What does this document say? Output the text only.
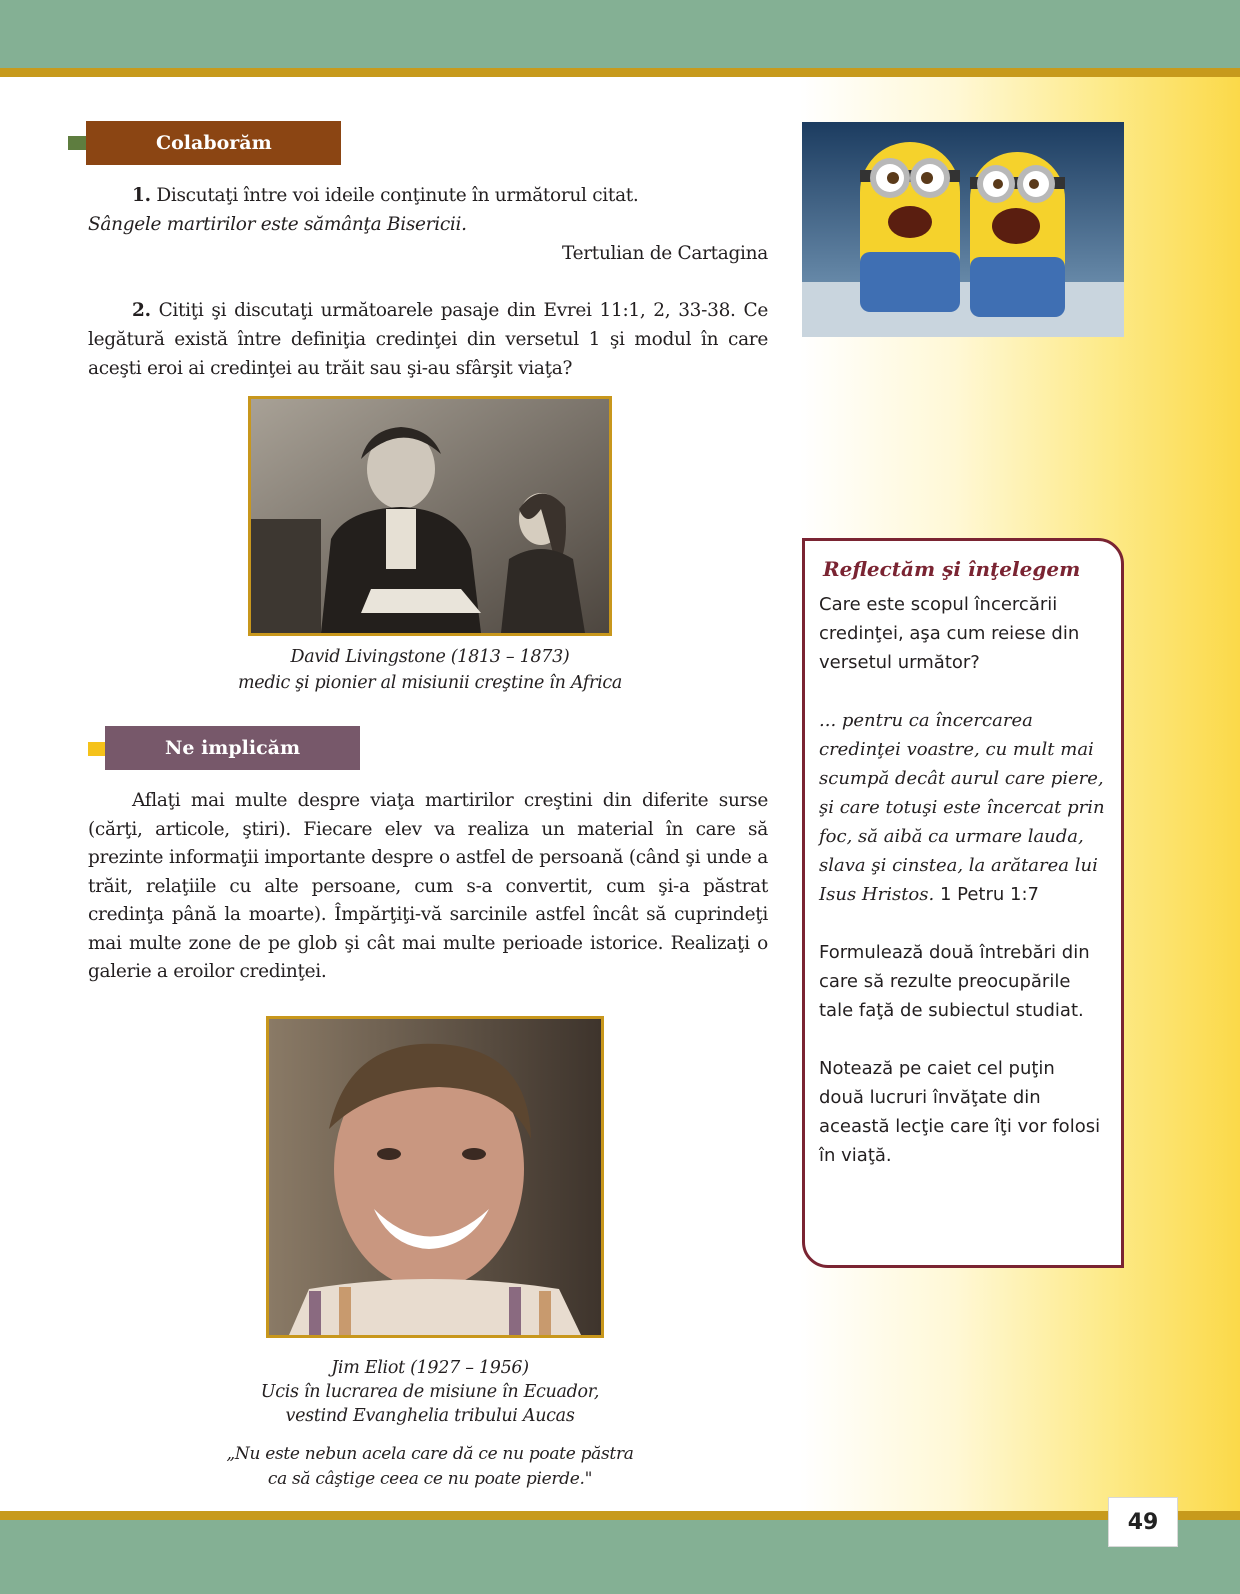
Colaborăm
1. Discutaţi între voi ideile conţinute în următorul citat.
Sângele martirilor este sămânţa Bisericii.
Tertulian de Cartagina
2. Citiţi şi discutaţi următoarele pasaje din Evrei 11:1, 2, 33-38. Ce legătură există între definiţia credinţei din versetul 1 şi modul în care aceşti eroi ai credinţei au trăit sau şi-au sfârşit viaţa?
David Livingstone (1813 – 1873)
medic şi pionier al misiunii creştine în Africa
Ne implicăm
Aflaţi mai multe despre viaţa martirilor creştini din diferite surse (cărţi, articole, ştiri). Fiecare elev va realiza un material în care să prezinte informaţii importante despre o astfel de persoană (când şi unde a trăit, relaţiile cu alte persoane, cum s-a convertit, cum şi-a păstrat credinţa până la moarte). Împărţiţi-vă sarcinile astfel încât să cuprindeţi mai multe zone de pe glob şi cât mai multe perioade istorice. Realizaţi o galerie a eroilor credinţei.
Jim Eliot (1927 – 1956)
Ucis în lucrarea de misiune în Ecuador,
vestind Evanghelia tribului Aucas
„Nu este nebun acela care dă ce nu poate păstra
ca să câştige ceea ce nu poate pierde."
Reflectăm şi înţelegem

Care este scopul încercării credinţei, aşa cum reiese din versetul următor?

... pentru ca încercarea credinţei voastre, cu mult mai scumpă decât aurul care piere, şi care totuşi este încercat prin foc, să aibă ca urmare lauda, slava şi cinstea, la arătarea lui Isus Hristos. 1 Petru 1:7

Formulează două întrebări din care să rezulte preocupările tale faţă de subiectul studiat.

Notează pe caiet cel puţin două lucruri învăţate din această lecţie care îţi vor folosi în viaţă.

49
